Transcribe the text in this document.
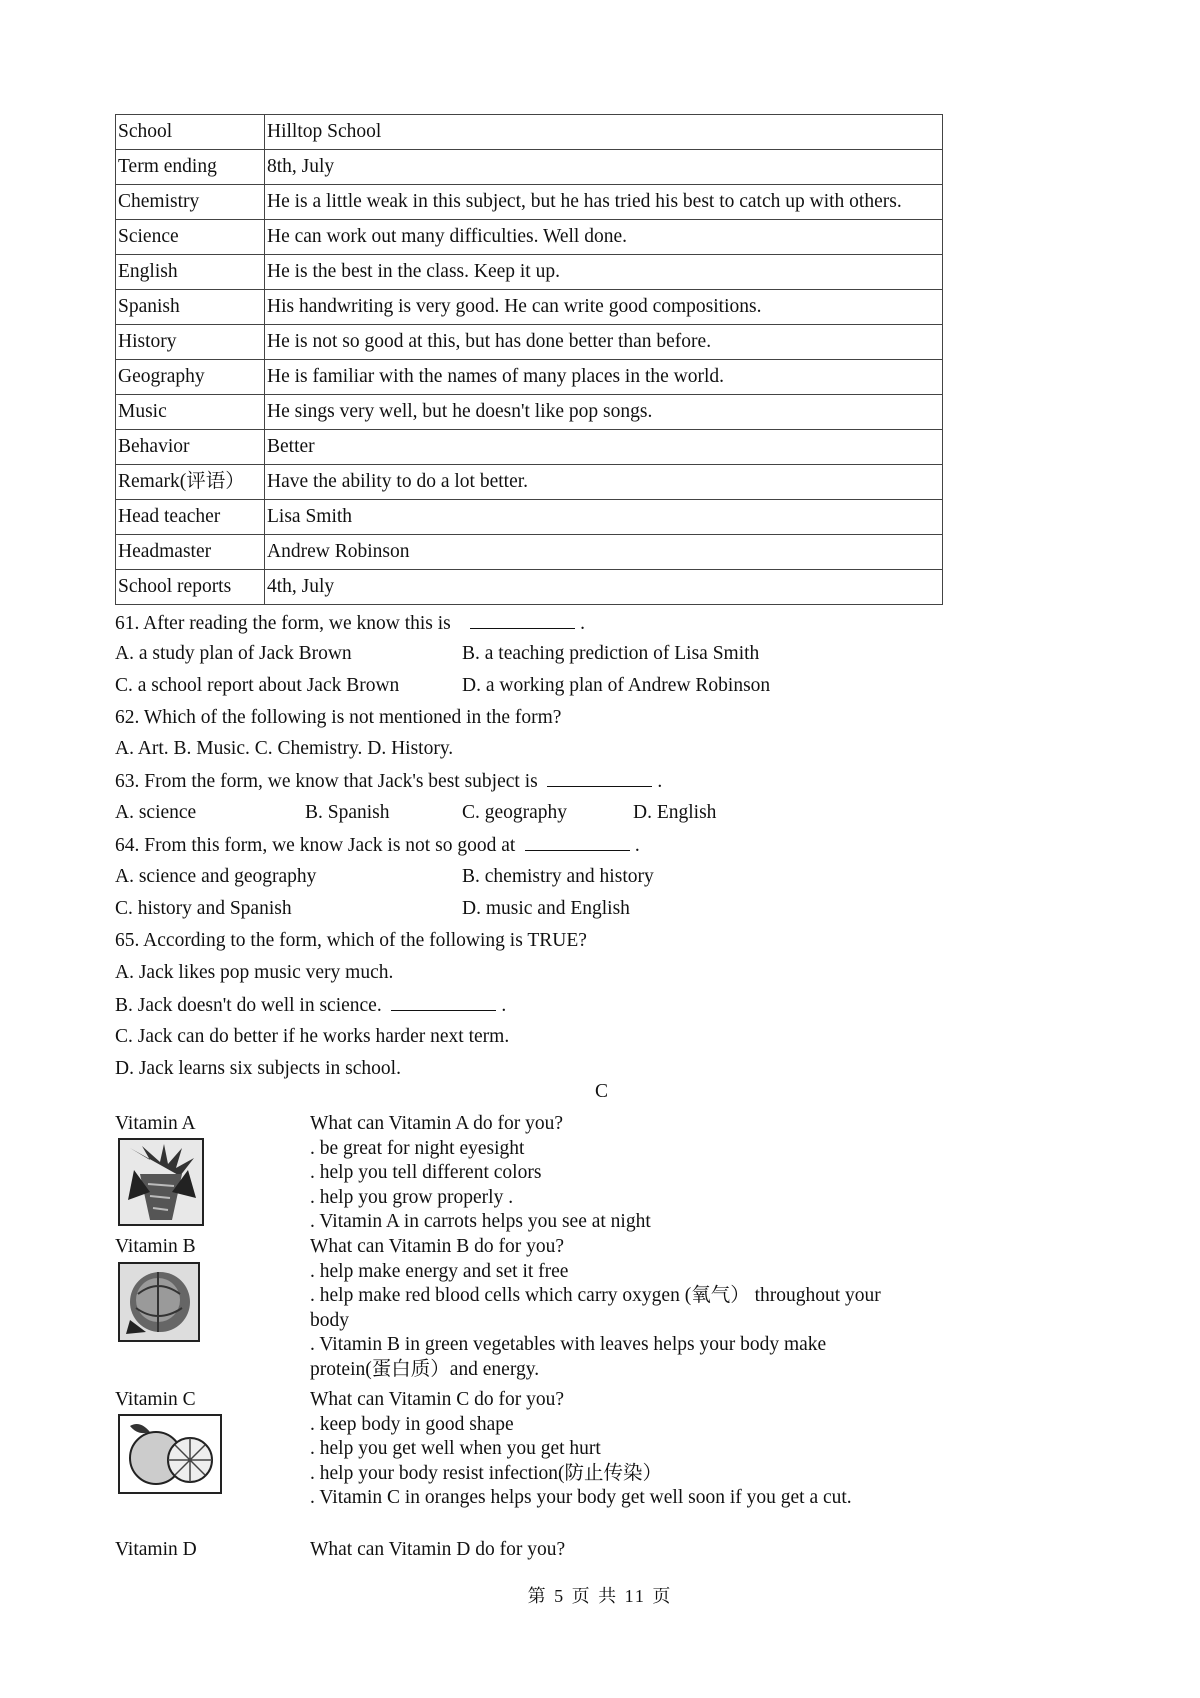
School	Hilltop School
Term ending	8th, July
Chemistry	He is a little weak in this subject, but he has tried his best to catch up with others.
Science	He can work out many difficulties. Well done.
English	He is the best in the class. Keep it up.
Spanish	His handwriting is very good. He can write good compositions.
History	He is not so good at this, but has done better than before.
Geography	He is familiar with the names of many places in the world.
Music	He sings very well, but he doesn't like pop songs.
Behavior	Better
Remark(评语）	Have the ability to do a lot better.
Head teacher	Lisa Smith
Headmaster	Andrew Robinson
School reports	4th, July
61. After reading the form, we know this is	.
A. a study plan of Jack Brown	B. a teaching prediction of Lisa Smith
C. a school report about Jack Brown	D. a working plan of Andrew Robinson
62. Which of the following is not mentioned in the form?
A. Art. B. Music. C. Chemistry. D. History.
63. From the form, we know that Jack's best subject is	.
A. science	B. Spanish	C. geography	D. English
64. From this form, we know Jack is not so good at	.
A. science and geography	B. chemistry and history
C. history and Spanish	D. music and English
65. According to the form, which of the following is TRUE?
A. Jack likes pop music very much.
B. Jack doesn't do well in science.	.
C. Jack can do better if he works harder next term.
D. Jack learns six subjects in school.
C
Vitamin A	What can Vitamin A do for you?
. be great for night eyesight
. help you tell different colors
. help you grow properly .
. Vitamin A in carrots helps you see at night
Vitamin B	What can Vitamin B do for you?
. help make energy and set it free
. help make red blood cells which carry oxygen (氧气） throughout your body
. Vitamin B in green vegetables with leaves helps your body make protein(蛋白质）and energy.
Vitamin C	What can Vitamin C do for you?
. keep body in good shape
. help you get well when you get hurt
. help your body resist infection(防止传染）
. Vitamin C in oranges helps your body get well soon if you get a cut.
Vitamin D	What can Vitamin D do for you?
第 5 页 共 11 页
